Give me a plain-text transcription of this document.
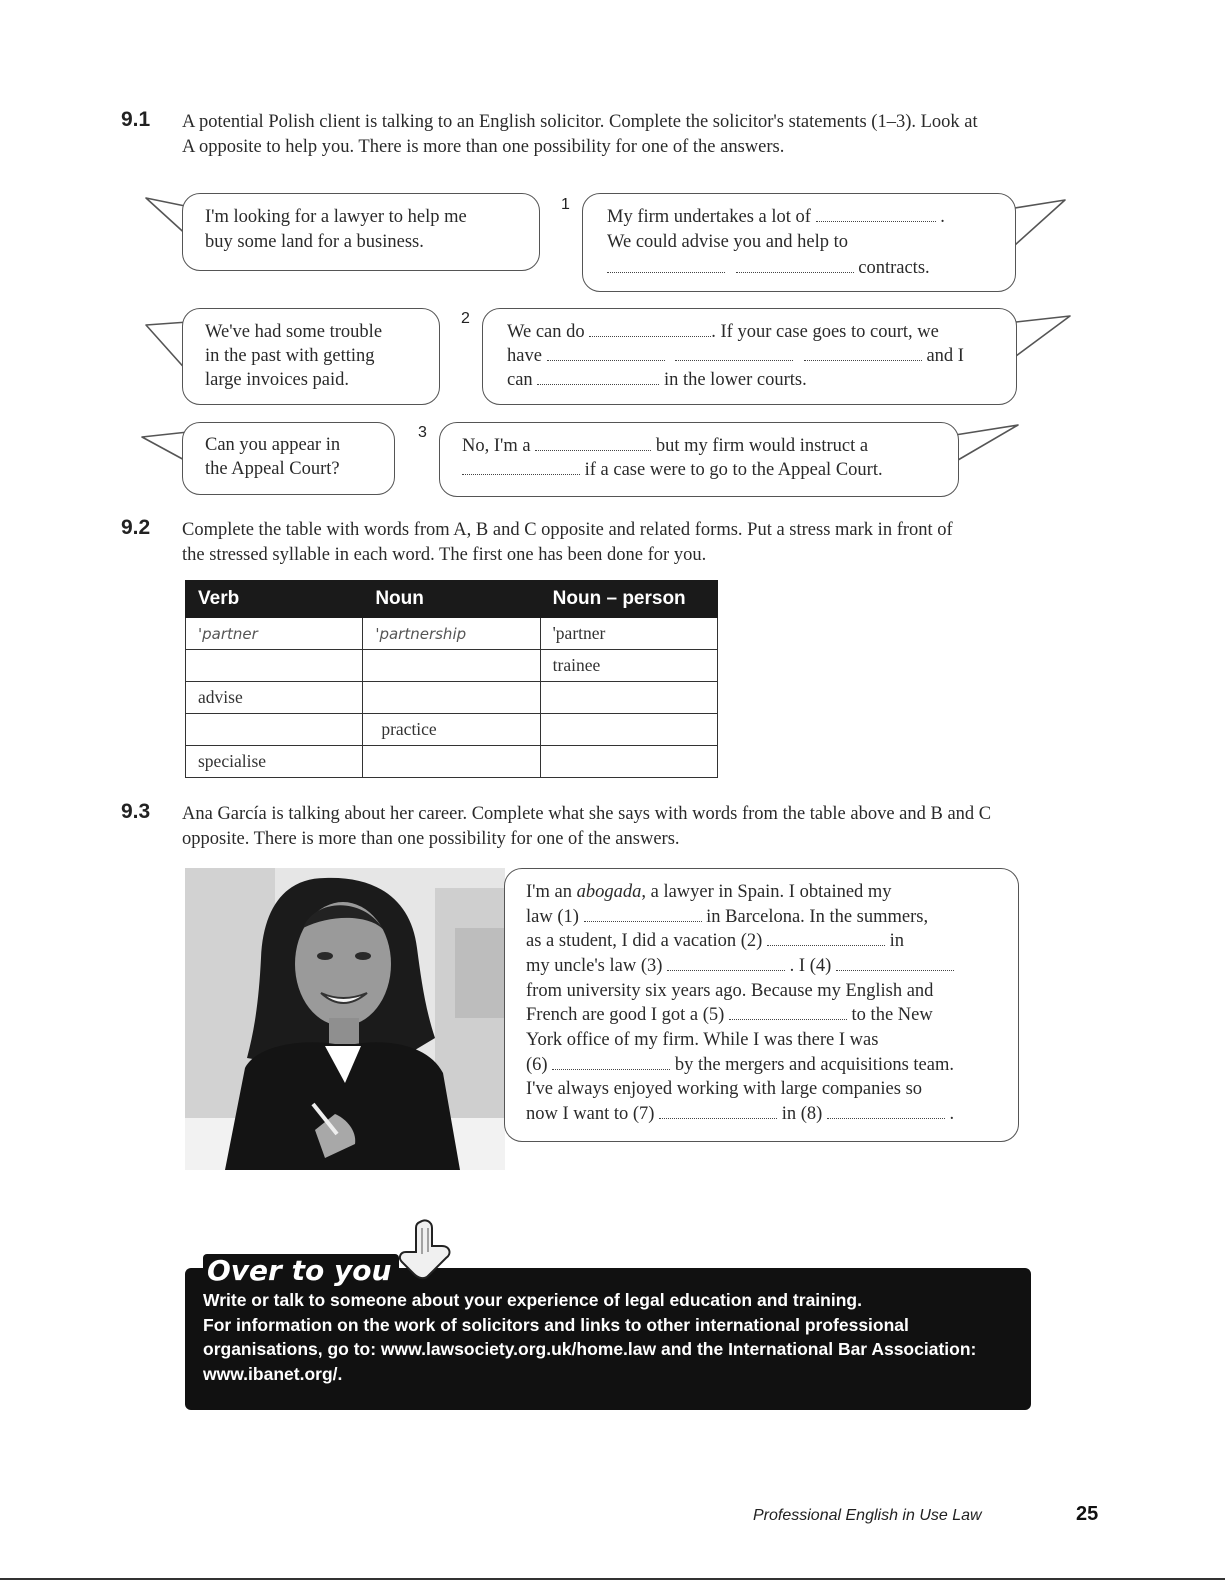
9.1 A potential Polish client is talking to an English solicitor. Complete the solicitor's statements (1–3). Look at A opposite to help you. There is more than one possibility for one of the answers.
I'm looking for a lawyer to help me
buy some land for a business.
1
My firm undertakes a lot of	.
We could advise you and help to
contracts.
We've had some trouble
in the past with getting
large invoices paid.
2
We can do	. If your case goes to court, we
have	and I
can	in the lower courts.
Can you appear in
the Appeal Court?
3
No, I'm a	but my firm would instruct a
if a case were to go to the Appeal Court.
9.2 Complete the table with words from A, B and C opposite and related forms. Put a stress mark in front of the stressed syllable in each word. The first one has been done for you.
Verb	Noun	Noun – person
'partner	'partnership	'partner
		trainee
advise		
	practice	
specialise		
9.3 Ana García is talking about her career. Complete what she says with words from the table above and B and C opposite. There is more than one possibility for one of the answers.
I'm an abogada, a lawyer in Spain. I obtained my
law (1)	in Barcelona. In the summers,
as a student, I did a vacation (2)	in
my uncle's law (3)	. I (4)
from university six years ago. Because my English and
French are good I got a (5)	to the New
York office of my firm. While I was there I was
(6)	by the mergers and acquisitions team.
I've always enjoyed working with large companies so
now I want to (7)	in (8)	.
Over to you
Write or talk to someone about your experience of legal education and training.
For information on the work of solicitors and links to other international professional
organisations, go to: www.lawsociety.org.uk/home.law and the International Bar Association:
www.ibanet.org/.
Professional English in Use Law	25
